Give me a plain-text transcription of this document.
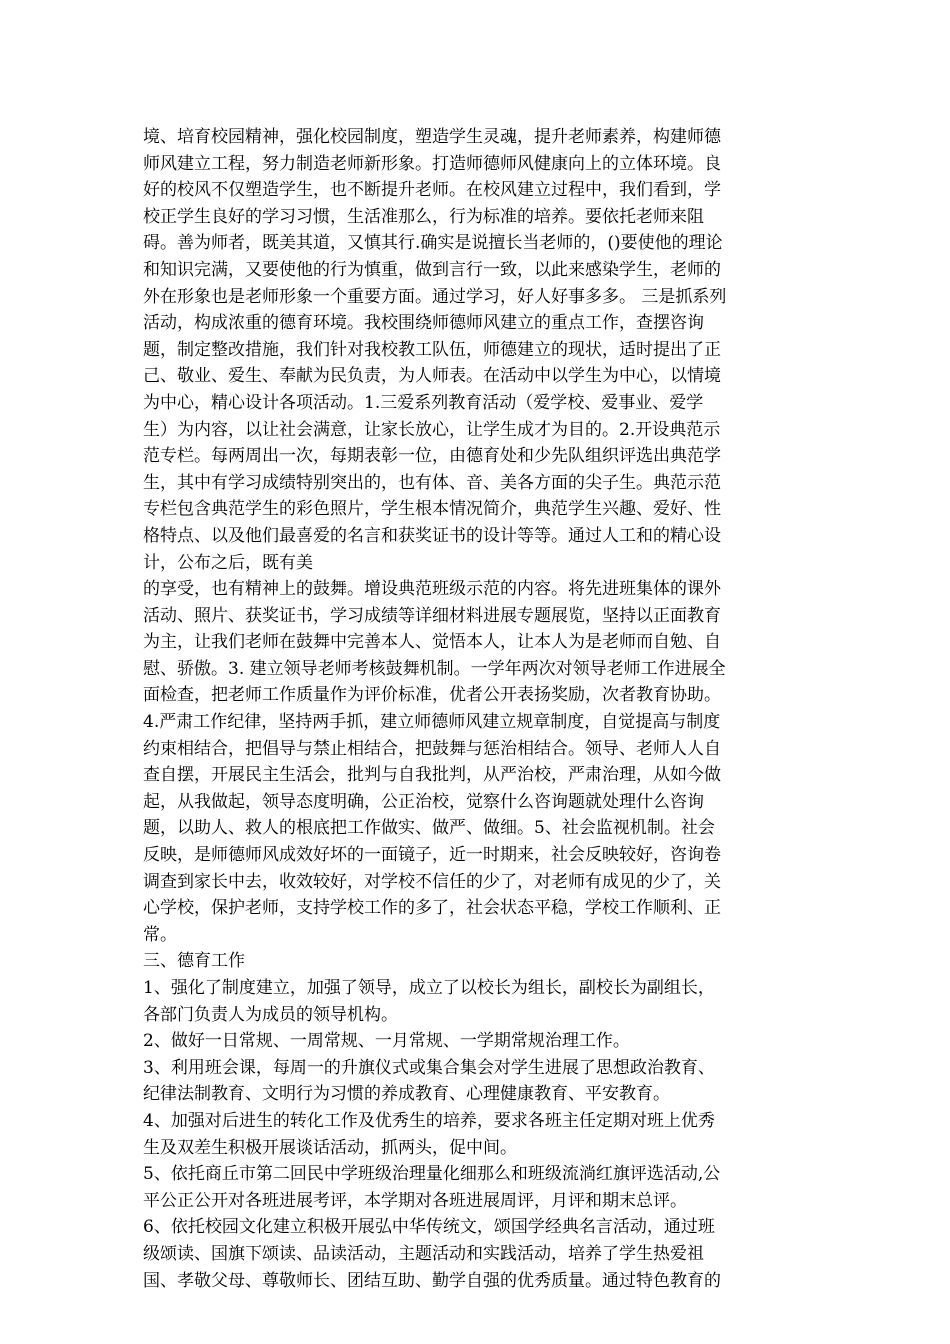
境、培育校园精神，强化校园制度，塑造学生灵魂，提升老师素养，构建师德
师风建立工程，努力制造老师新形象。打造师德师风健康向上的立体环境。良
好的校风不仅塑造学生，也不断提升老师。在校风建立过程中，我们看到，学
校正学生良好的学习习惯，生活准那么，行为标准的培养。要依托老师来阻
碍。善为师者，既美其道，又慎其行.确实是说擅长当老师的，()要使他的理论
和知识完满，又要使他的行为慎重，做到言行一致，以此来感染学生，老师的
外在形象也是老师形象一个重要方面。通过学习，好人好事多多。 三是抓系列
活动，构成浓重的德育环境。我校围绕师德师风建立的重点工作，查摆咨询
题，制定整改措施，我们针对我校教工队伍，师德建立的现状，适时提出了正
己、敬业、爱生、奉献为民负责，为人师表。在活动中以学生为中心，以情境
为中心，精心设计各项活动。1.三爱系列教育活动（爱学校、爱事业、爱学
生）为内容，以让社会满意，让家长放心，让学生成才为目的。2.开设典范示
范专栏。每两周出一次，每期表彰一位，由德育处和少先队组织评选出典范学
生，其中有学习成绩特别突出的，也有体、音、美各方面的尖子生。典范示范
专栏包含典范学生的彩色照片，学生根本情况简介，典范学生兴趣、爱好、性
格特点、以及他们最喜爱的名言和获奖证书的设计等等。通过人工和的精心设
计，公布之后，既有美

的享受，也有精神上的鼓舞。增设典范班级示范的内容。将先进班集体的课外
活动、照片、获奖证书，学习成绩等详细材料进展专题展览，坚持以正面教育
为主，让我们老师在鼓舞中完善本人、觉悟本人，让本人为是老师而自勉、自
慰、骄傲。3. 建立领导老师考核鼓舞机制。一学年两次对领导老师工作进展全
面检查，把老师工作质量作为评价标准，优者公开表扬奖励，次者教育协助。
4.严肃工作纪律，坚持两手抓，建立师德师风建立规章制度，自觉提高与制度
约束相结合，把倡导与禁止相结合，把鼓舞与惩治相结合。领导、老师人人自
查自摆，开展民主生活会，批判与自我批判，从严治校，严肃治理，从如今做
起，从我做起，领导态度明确，公正治校，觉察什么咨询题就处理什么咨询
题，以助人、救人的根底把工作做实、做严、做细。5、社会监视机制。社会
反映，是师德师风成效好坏的一面镜子，近一时期来，社会反映较好，咨询卷
调查到家长中去，收效较好，对学校不信任的少了，对老师有成见的少了，关
心学校，保护老师，支持学校工作的多了，社会状态平稳，学校工作顺利、正
常。

三、德育工作

1、强化了制度建立，加强了领导，成立了以校长为组长，副校长为副组长，
各部门负责人为成员的领导机构。

2、做好一日常规、一周常规、一月常规、一学期常规治理工作。

3、利用班会课，每周一的升旗仪式或集合集会对学生进展了思想政治教育、
纪律法制教育、文明行为习惯的养成教育、心理健康教育、平安教育。

4、加强对后进生的转化工作及优秀生的培养，要求各班主任定期对班上优秀
生及双差生积极开展谈话活动，抓两头，促中间。

5、依托商丘市第二回民中学班级治理量化细那么和班级流淌红旗评选活动,公
平公正公开对各班进展考评，本学期对各班进展周评，月评和期末总评。

6、依托校园文化建立积极开展弘中华传统文，颂国学经典名言活动，通过班
级颂读、国旗下颂读、品读活动，主题活动和实践活动，培养了学生热爱祖
国、孝敬父母、尊敬师长、团结互助、勤学自强的优秀质量。通过特色教育的
